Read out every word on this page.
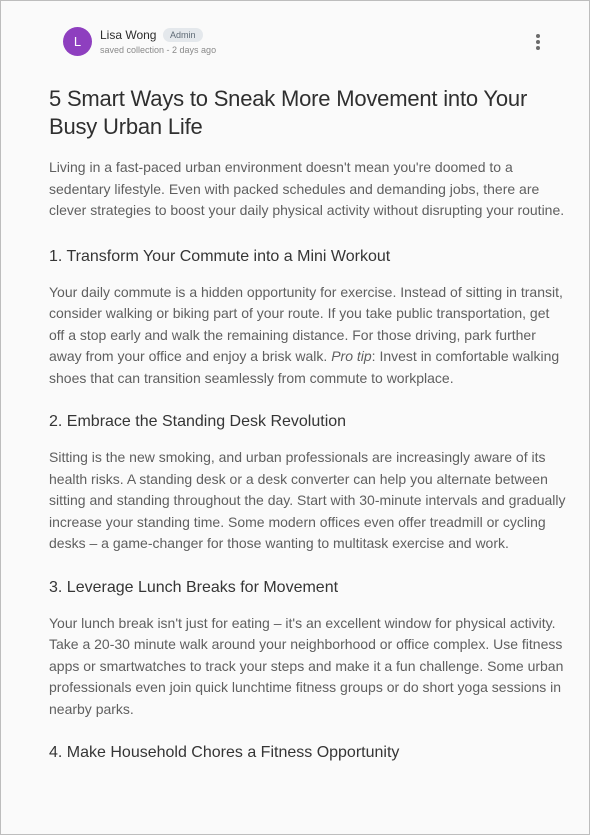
L	Lisa Wong	Admin
saved collection - 2 days ago
5 Smart Ways to Sneak More Movement into Your Busy Urban Life

Living in a fast-paced urban environment doesn't mean you're doomed to a sedentary lifestyle. Even with packed schedules and demanding jobs, there are clever strategies to boost your daily physical activity without disrupting your routine.

1. Transform Your Commute into a Mini Workout

Your daily commute is a hidden opportunity for exercise. Instead of sitting in transit, consider walking or biking part of your route. If you take public transportation, get off a stop early and walk the remaining distance. For those driving, park further away from your office and enjoy a brisk walk. Pro tip: Invest in comfortable walking shoes that can transition seamlessly from commute to workplace.

2. Embrace the Standing Desk Revolution

Sitting is the new smoking, and urban professionals are increasingly aware of its health risks. A standing desk or a desk converter can help you alternate between sitting and standing throughout the day. Start with 30-minute intervals and gradually increase your standing time. Some modern offices even offer treadmill or cycling desks – a game-changer for those wanting to multitask exercise and work.

3. Leverage Lunch Breaks for Movement

Your lunch break isn't just for eating – it's an excellent window for physical activity. Take a 20-30 minute walk around your neighborhood or office complex. Use fitness apps or smartwatches to track your steps and make it a fun challenge. Some urban professionals even join quick lunchtime fitness groups or do short yoga sessions in nearby parks.

4. Make Household Chores a Fitness Opportunity
